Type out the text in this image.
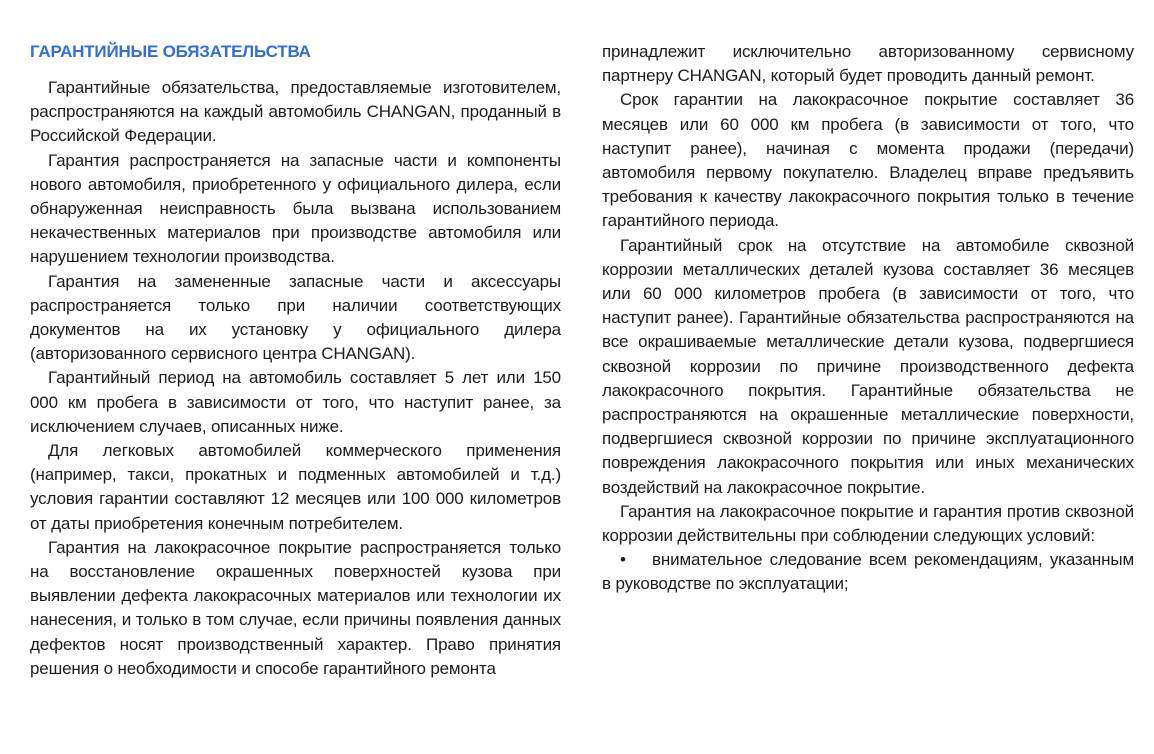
ГАРАНТИЙНЫЕ ОБЯЗАТЕЛЬСТВА

Гарантийные обязательства, предоставляемые изготовителем, распространяются на каждый автомобиль CHANGAN, проданный в Российской Федерации.

Гарантия распространяется на запасные части и компоненты нового автомобиля, приобретенного у официального дилера, если обнаруженная неисправность была вызвана использованием некачественных материалов при производстве автомобиля или нарушением технологии производства.

Гарантия на замененные запасные части и аксессуары распространяется только при наличии соответствующих документов на их установку у официального дилера (авторизованного сервисного центра CHANGAN).

Гарантийный период на автомобиль составляет 5 лет или 150 000 км пробега в зависимости от того, что наступит ранее, за исключением случаев, описанных ниже.

Для легковых автомобилей коммерческого применения (например, такси, прокатных и подменных автомобилей и т.д.) условия гарантии составляют 12 месяцев или 100 000 километров от даты приобретения конечным потребителем.

Гарантия на лакокрасочное покрытие распространяется только на восстановление окрашенных поверхностей кузова при выявлении дефекта лакокрасочных материалов или технологии их нанесения, и только в том случае, если причины появления данных дефектов носят производственный характер. Право принятия решения о необходимости и способе гарантийного ремонта

принадлежит исключительно авторизованному сервисному партнеру CHANGAN, который будет проводить данный ремонт.

Срок гарантии на лакокрасочное покрытие составляет 36 месяцев или 60 000 км пробега (в зависимости от того, что наступит ранее), начиная с момента продажи (передачи) автомобиля первому покупателю. Владелец вправе предъявить требования к качеству лакокрасочного покрытия только в течение гарантийного периода.

Гарантийный срок на отсутствие на автомобиле сквозной коррозии металлических деталей кузова составляет 36 месяцев или 60 000 километров пробега (в зависимости от того, что наступит ранее). Гарантийные обязательства распространяются на все окрашиваемые металлические детали кузова, подвергшиеся сквозной коррозии по причине производственного дефекта лакокрасочного покрытия. Гарантийные обязательства не распространяются на окрашенные металлические поверхности, подвергшиеся сквозной коррозии по причине эксплуатационного повреждения лакокрасочного покрытия или иных механических воздействий на лакокрасочное покрытие.

Гарантия на лакокрасочное покрытие и гарантия против сквозной коррозии действительны при соблюдении следующих условий:

• внимательное следование всем рекомендациям, указанным в руководстве по эксплуатации;
